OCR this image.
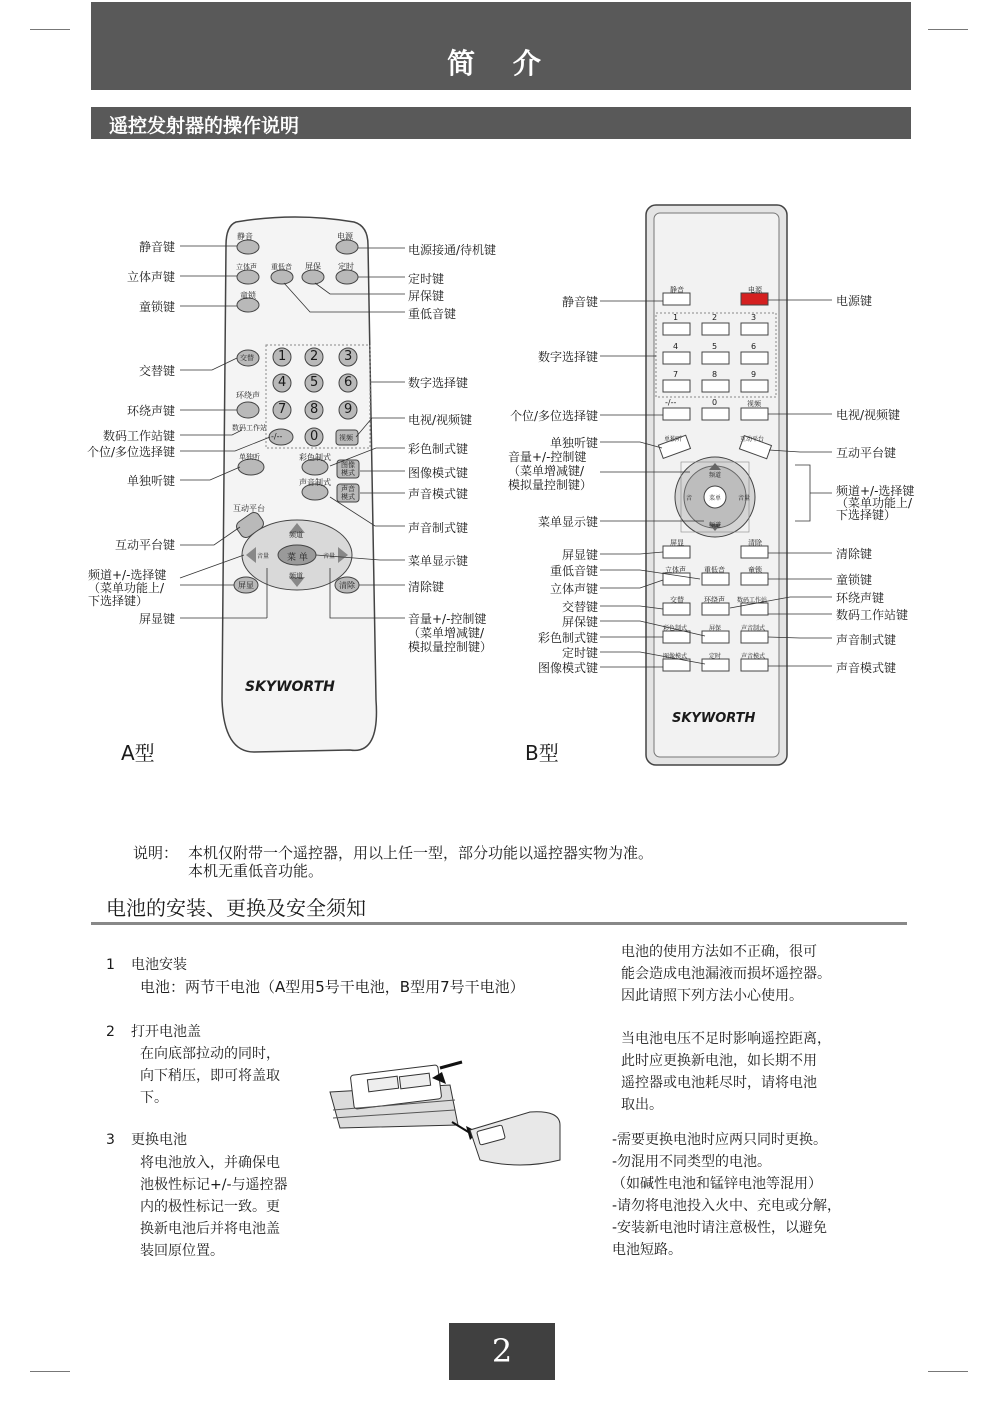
简 介
遥控发射器的操作说明
静音	电源
立体声 重低音 屏保 定时
童锁
交替
环绕声
数码工作站
-/--	视频
单独听	彩色制式
图像模式
声音制式
声音模式
互动平台
频道
频道
菜 单
音量	音量
屏显	清除
1 2 3
4 5 6
7 8 9
0
SKYWORTH
A型
静音键
立体声键
童锁键
交替键
环绕声键
数码工作站键
个位/多位选择键
单独听键
互动平台键
频道+/-选择键
（菜单功能上/
下选择键）
屏显键
电源接通/待机键
定时键
屏保键
重低音键
数字选择键
电视/视频键
彩色制式键
图像模式键
声音模式键
声音制式键
菜单显示键
清除键
音量+/-控制键
（菜单增减键/
模拟量控制键）
静音	电源
1	2	3
4	5	6
7	8	9
-/--	0	视频
单独听	互动平台
频道
频道
音	音量
菜单
屏显	清除
立体声	重低音	童锁
交替	环绕声 数码工作站
彩色制式	屏保	声音制式
图像模式	定时	声音模式
SKYWORTH
B型
静音键
数字选择键
个位/多位选择键
单独听键
音量+/-控制键
（菜单增减键/
模拟量控制键）
菜单显示键
屏显键
重低音键
立体声键
交替键
屏保键
彩色制式键
定时键
图像模式键
电源键
电视/视频键
互动平台键
频道+/-选择键
（菜单功能上/
下选择键）
清除键
童锁键
环绕声键
数码工作站键
声音制式键
声音模式键
说明： 本机仅附带一个遥控器，用以上任一型，部分功能以遥控器实物为准。
本机无重低音功能。
电池的安装、更换及安全须知
1 电池安装
电池：两节干电池（A型用5号干电池，B型用7号干电池）
2 打开电池盖
在向底部拉动的同时，
向下稍压，即可将盖取
下。
3 更换电池
将电池放入，并确保电
池极性标记+/-与遥控器
内的极性标记一致。更
换新电池后并将电池盖
装回原位置。
电池的使用方法如不正确，很可
能会造成电池漏液而损坏遥控器。
因此请照下列方法小心使用。
当电池电压不足时影响遥控距离，
此时应更换新电池，如长期不用
遥控器或电池耗尽时，请将电池
取出。
-需要更换电池时应两只同时更换。
-勿混用不同类型的电池。
（如碱性电池和锰锌电池等混用）
-请勿将电池投入火中、充电或分解，
-安装新电池时请注意极性，以避免
电池短路。
2
